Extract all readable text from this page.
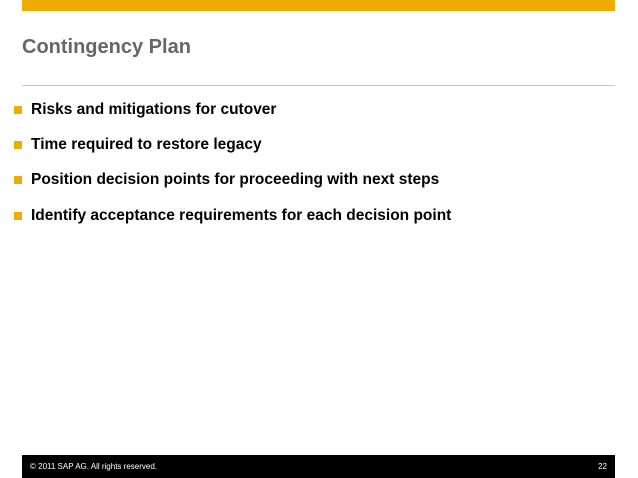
Contingency Plan
Risks and mitigations for cutover
Time required to restore legacy
Position decision points for proceeding with next steps
Identify acceptance requirements for each decision point
© 2011 SAP AG. All rights reserved.	22
